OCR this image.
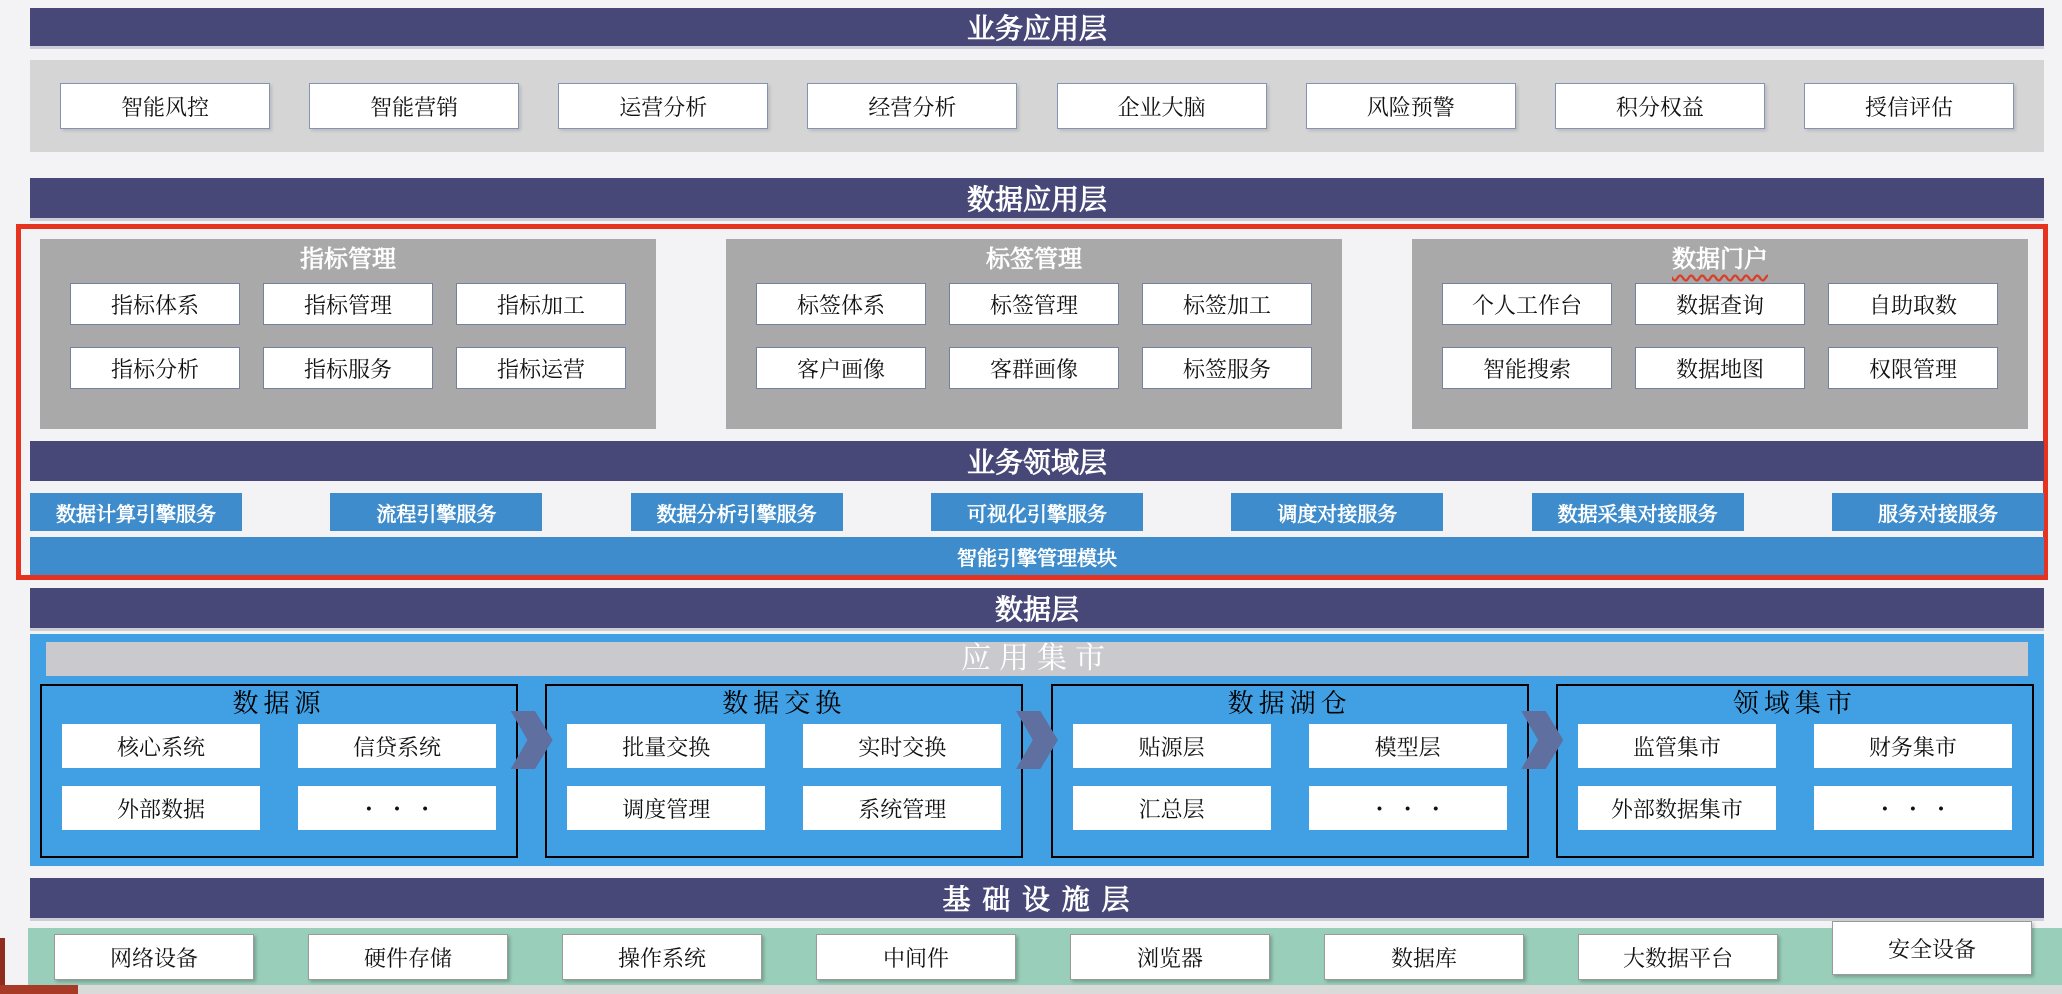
业务应用层
智能风控	智能营销	运营分析	经营分析	企业大脑	风险预警	积分权益	授信评估
数据应用层
指标管理
指标体系	指标管理	指标加工
指标分析	指标服务	指标运营
标签管理
标签体系	标签管理	标签加工
客户画像	客群画像	标签服务
数据门户
个人工作台	数据查询	自助取数
智能搜索	数据地图	权限管理
业务领域层
数据计算引擎服务	流程引擎服务	数据分析引擎服务	可视化引擎服务	调度对接服务	数据采集对接服务	服务对接服务
智能引擎管理模块
数据层
应用集市
数据源
核心系统	信贷系统
外部数据	・ ・ ・
数据交换
批量交换	实时交换
调度管理	系统管理
数据湖仓
贴源层	模型层
汇总层	・ ・ ・
领域集市
监管集市	财务集市
外部数据集市	・ ・ ・
基 础 设 施 层
网络设备	硬件存储	操作系统	中间件	浏览器	数据库	大数据平台	安全设备
